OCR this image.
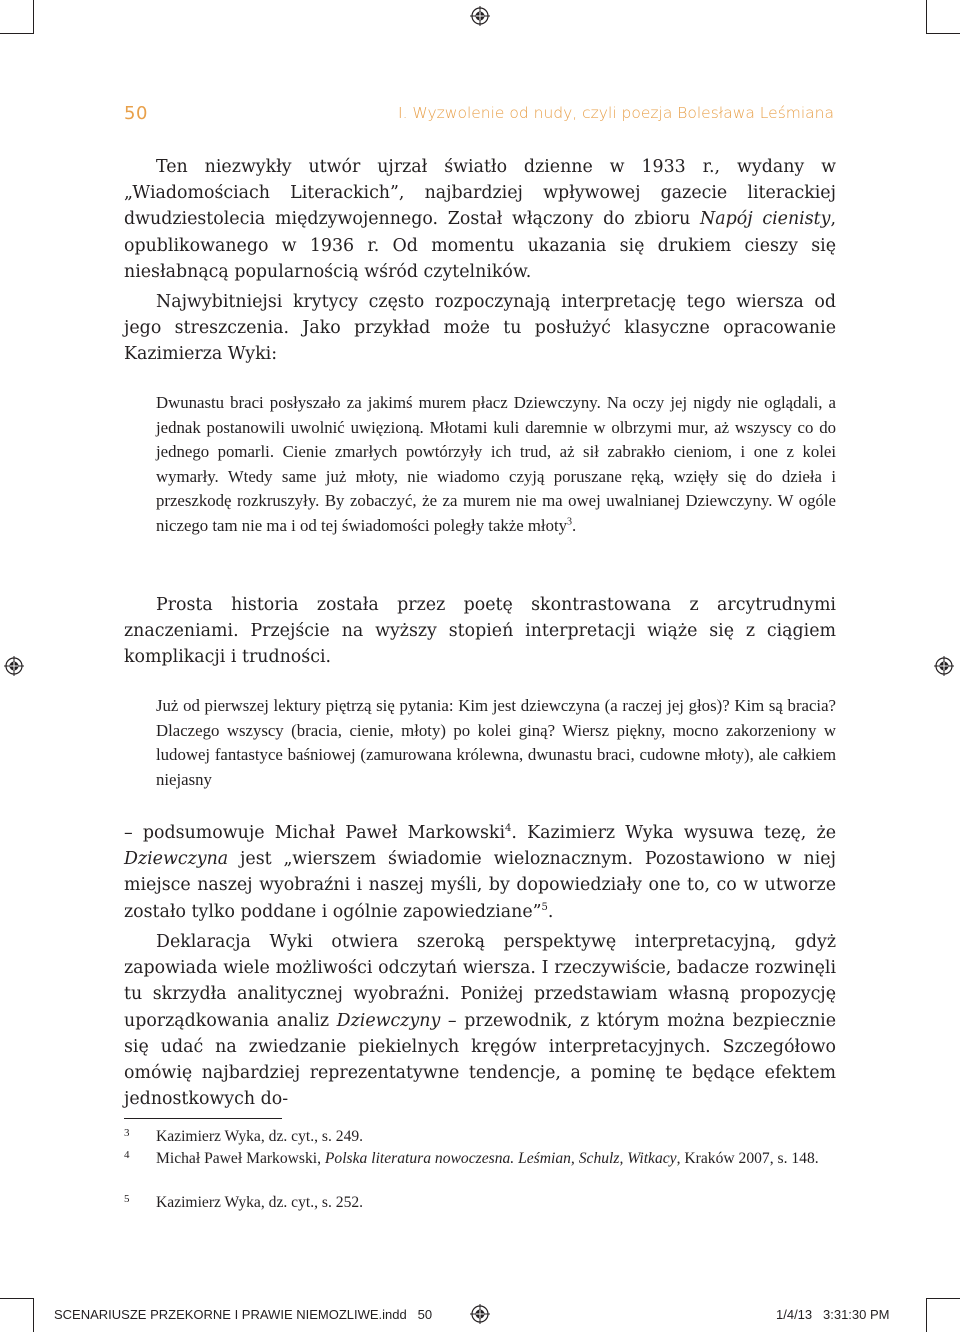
50	I. Wyzwolenie od nudy, czyli poezja Bolesława Leśmiana

Ten niezwykły utwór ujrzał światło dzienne w 1933 r., wydany w „Wiadomościach Literackich”, najbardziej wpływowej gazecie literackiej dwudziestolecia międzywojennego. Został włączony do zbioru Napój cienisty, opublikowanego w 1936 r. Od momentu ukazania się drukiem cieszy się niesłabnącą popularnością wśród czytelników.

Najwybitniejsi krytycy często rozpoczynają interpretację tego wiersza od jego streszczenia. Jako przykład może tu posłużyć klasyczne opracowanie Kazimierza Wyki:

Dwunastu braci posłyszało za jakimś murem płacz Dziewczyny. Na oczy jej nigdy nie oglądali, a jednak postanowili uwolnić uwięzioną. Młotami kuli daremnie w olbrzymi mur, aż wszyscy co do jednego pomarli. Cienie zmarłych powtórzyły ich trud, aż sił zabrakło cieniom, i one z kolei wymarły. Wtedy same już młoty, nie wiadomo czyją poruszane ręką, wzięły się do dzieła i przeszkodę rozkruszyły. By zobaczyć, że za murem nie ma owej uwalnianej Dziewczyny. W ogóle niczego tam nie ma i od tej świadomości poległy także młoty$^3$.

Prosta historia została przez poetę skontrastowana z arcytrudnymi znaczeniami. Przejście na wyższy stopień interpretacji wiąże się z ciągiem komplikacji i trudności.

Już od pierwszej lektury piętrzą się pytania: Kim jest dziewczyna (a raczej jej głos)? Kim są bracia? Dlaczego wszyscy (bracia, cienie, młoty) po kolei giną? Wiersz piękny, mocno zakorzeniony w ludowej fantastyce baśniowej (zamurowana królewna, dwunastu braci, cudowne młoty), ale całkiem niejasny

– podsumowuje Michał Paweł Markowski$^4$. Kazimierz Wyka wysuwa tezę, że Dziewczyna jest „wierszem świadomie wieloznacznym. Pozostawiono w niej miejsce naszej wyobraźni i naszej myśli, by dopowiedziały one to, co w utworze zostało tylko poddane i ogólnie zapowiedziane”$^5$.

Deklaracja Wyki otwiera szeroką perspektywę interpretacyjną, gdyż zapowiada wiele możliwości odczytań wiersza. I rzeczywiście, badacze rozwinęli tu skrzydła analitycznej wyobraźni. Poniżej przedstawiam własną propozycję uporządkowania analiz Dziewczyny – przewodnik, z którym można bezpiecznie się udać na zwiedzanie piekielnych kręgów interpretacyjnych. Szczegółowo omówię najbardziej reprezentatywne tendencje, a pominę te będące efektem jednostkowych do-

3	Kazimierz Wyka, dz. cyt., s. 249.
4	Michał Paweł Markowski, Polska literatura nowoczesna. Leśmian, Schulz, Witkacy, Kraków 2007, s. 148.
5	Kazimierz Wyka, dz. cyt., s. 252.
SCENARIUSZE PRZEKORNE I PRAWIE NIEMOZLIWE.indd 50	1/4/13 3:31:30 PM
